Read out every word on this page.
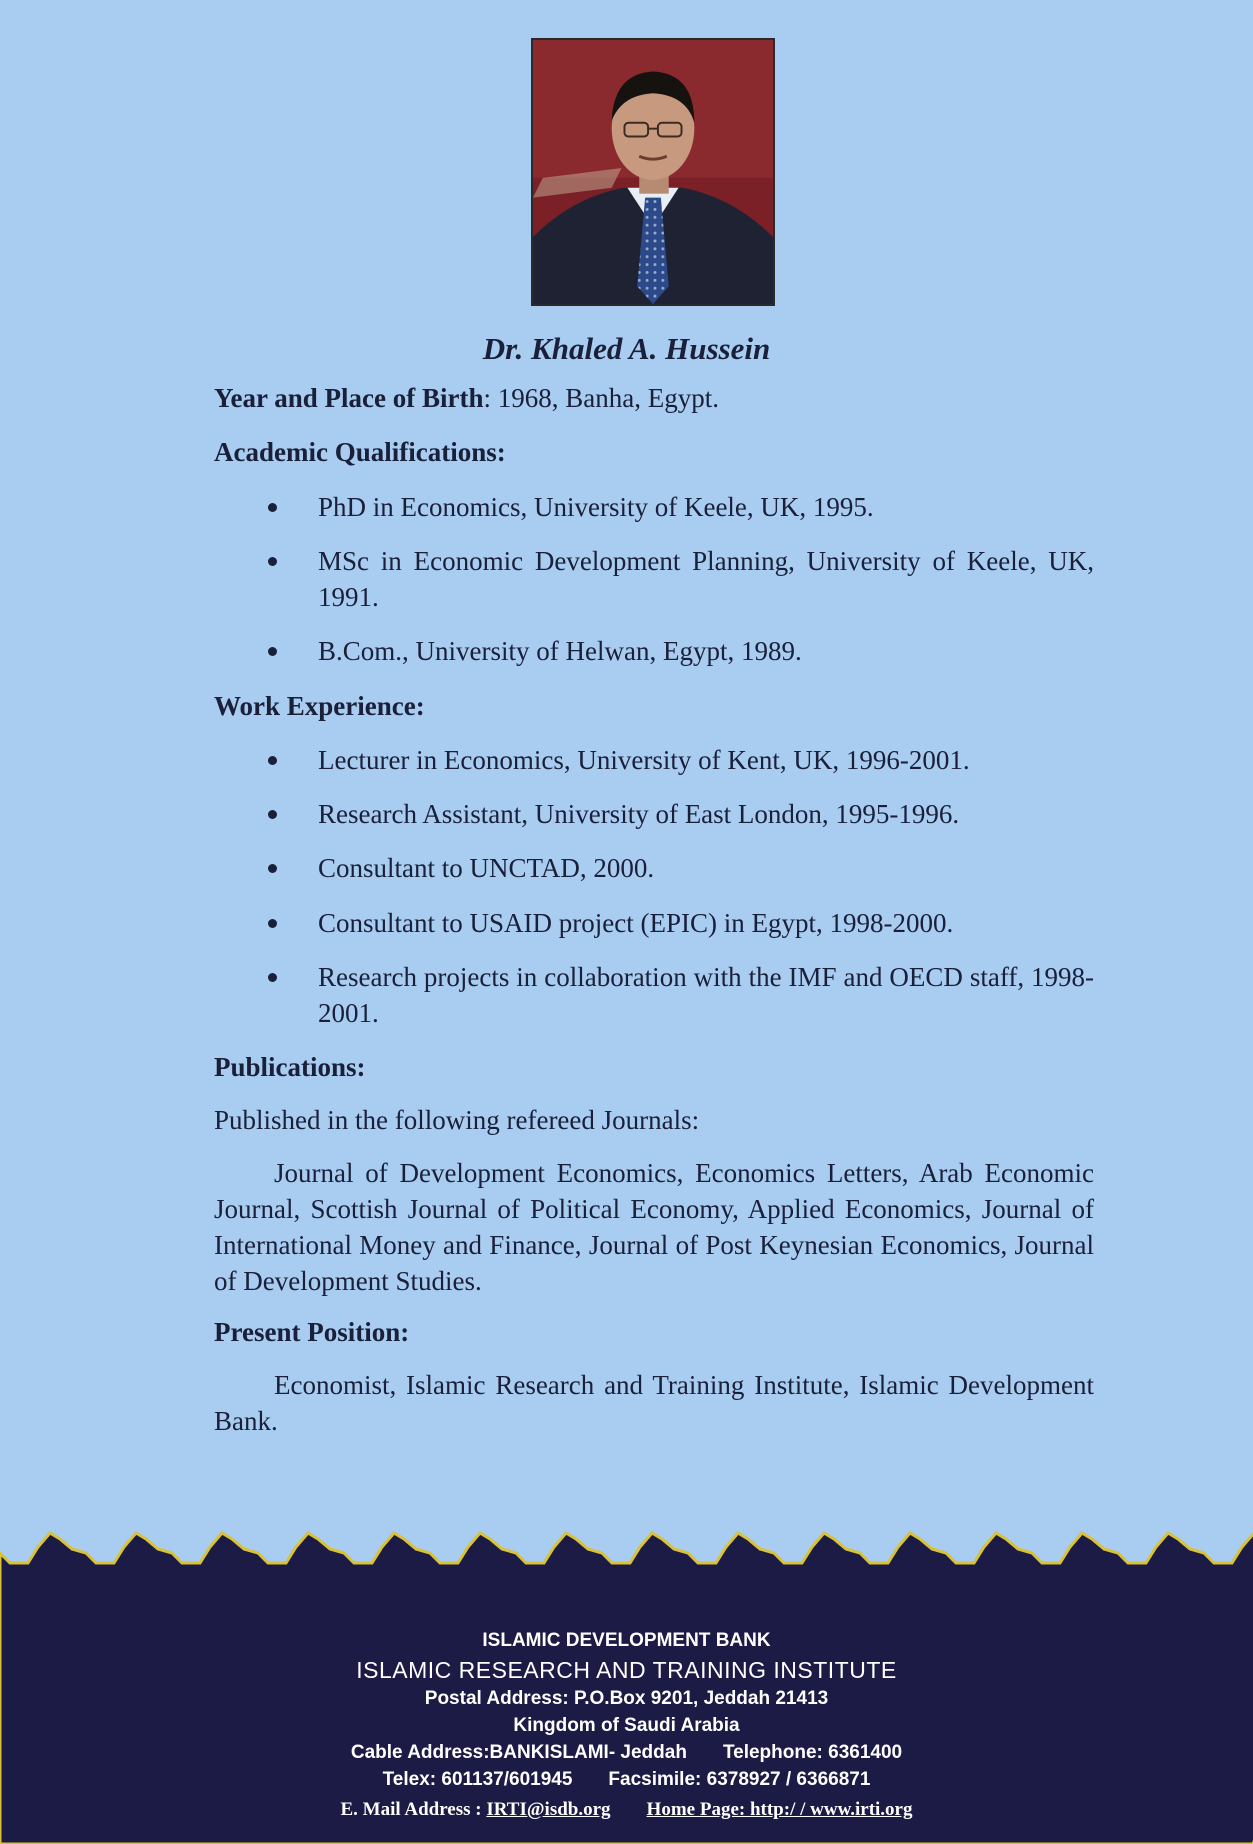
Dr. Khaled A. Hussein

Year and Place of Birth: 1968, Banha, Egypt.

Academic Qualifications:

PhD in Economics, University of Keele, UK, 1995.
MSc in Economic Development Planning, University of Keele, UK, 1991.
B.Com., University of Helwan, Egypt, 1989.

Work Experience:

Lecturer in Economics, University of Kent, UK, 1996-2001.
Research Assistant, University of East London, 1995-1996.
Consultant to UNCTAD, 2000.
Consultant to USAID project (EPIC) in Egypt, 1998-2000.
Research projects in collaboration with the IMF and OECD staff, 1998-2001.

Publications:

Published in the following refereed Journals:

Journal of Development Economics, Economics Letters, Arab Economic Journal, Scottish Journal of Political Economy, Applied Economics, Journal of International Money and Finance, Journal of Post Keynesian Economics, Journal of Development Studies.

Present Position:

Economist, Islamic Research and Training Institute, Islamic Development Bank.

ISLAMIC DEVELOPMENT BANK
ISLAMIC RESEARCH AND TRAINING INSTITUTE
Postal Address: P.O.Box 9201, Jeddah 21413
Kingdom of Saudi Arabia
Cable Address:BANKISLAMI- Jeddah Telephone: 6361400
Telex: 601137/601945 Facsimile: 6378927 / 6366871
E. Mail Address : IRTI@isdb.org Home Page: http:/ / www.irti.org
